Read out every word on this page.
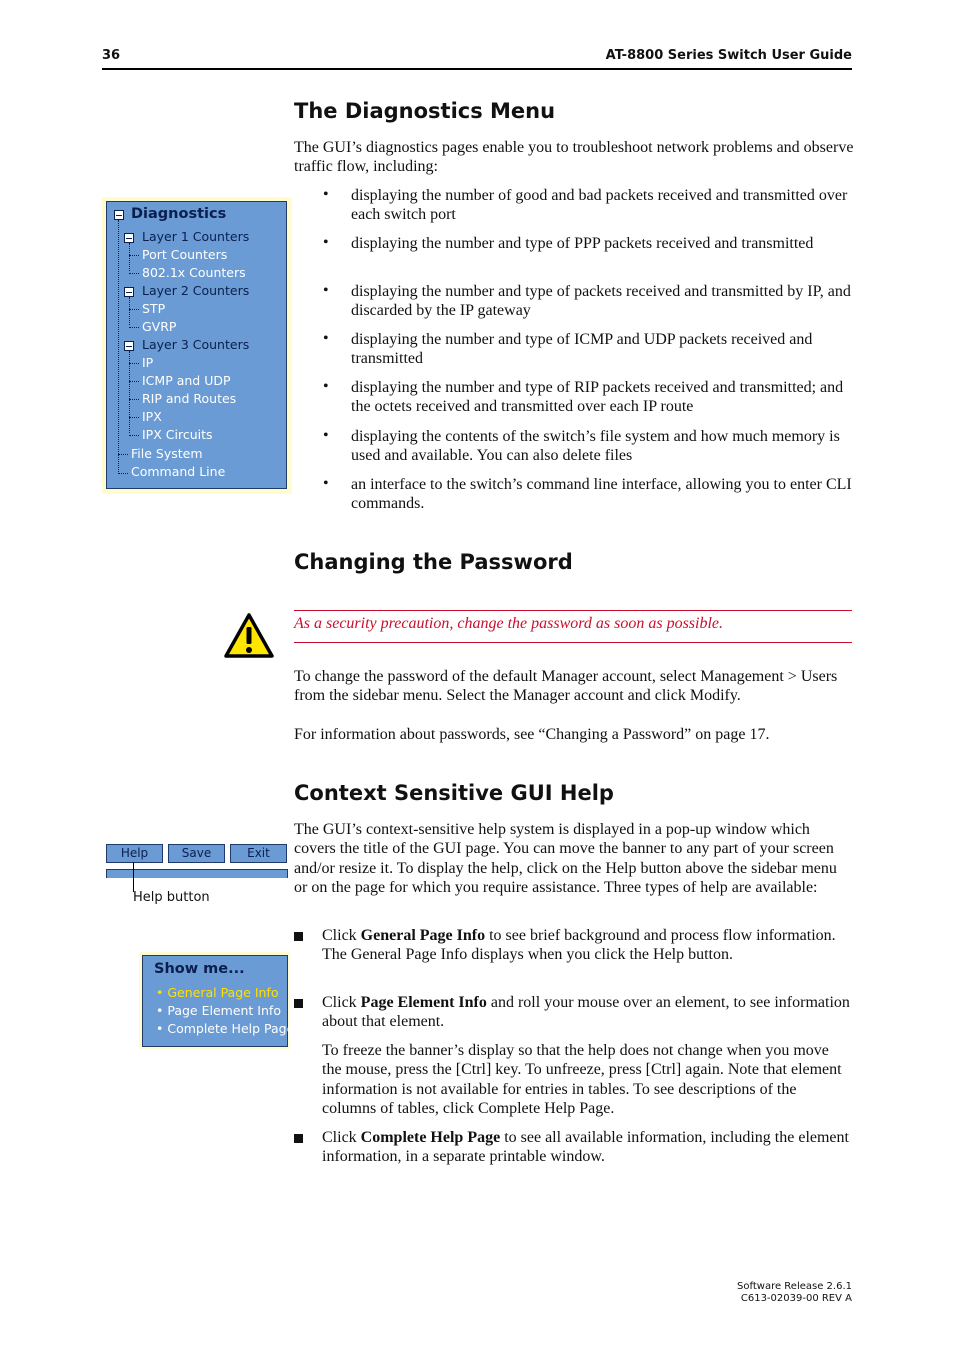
36	AT-8800 Series Switch User Guide
The Diagnostics Menu
The GUI’s diagnostics pages enable you to troubleshoot network problems and observe traffic flow, including:
• displaying the number of good and bad packets received and transmitted over each switch port
• displaying the number and type of PPP packets received and transmitted
• displaying the number and type of packets received and transmitted by IP, and discarded by the IP gateway
• displaying the number and type of ICMP and UDP packets received and transmitted
• displaying the number and type of RIP packets received and transmitted; and the octets received and transmitted over each IP route
• displaying the contents of the switch’s file system and how much memory is used and available. You can also delete files
• an interface to the switch’s command line interface, allowing you to enter CLI commands.
Diagnostics
Layer 1 Counters
Port Counters
802.1x Counters
Layer 2 Counters
STP
GVRP
Layer 3 Counters
IP
ICMP and UDP
RIP and Routes
IPX
IPX Circuits
File System
Command Line
Changing the Password
As a security precaution, change the password as soon as possible.
To change the password of the default Manager account, select Management > Users from the sidebar menu. Select the Manager account and click Modify.
For information about passwords, see “Changing a Password” on page 17.
Context Sensitive GUI Help
The GUI’s context-sensitive help system is displayed in a pop-up window which covers the title of the GUI page. You can move the banner to any part of your screen and/or resize it. To display the help, click on the Help button above the sidebar menu or on the page for which you require assistance. Three types of help are available:
Help	Save	Exit
Help button
Click General Page Info to see brief background and process flow information. The General Page Info displays when you click the Help button.
Click Page Element Info and roll your mouse over an element, to see information about that element.
To freeze the banner’s display so that the help does not change when you move the mouse, press the [Ctrl] key. To unfreeze, press [Ctrl] again. Note that element information is not available for entries in tables. To see descriptions of the columns of tables, click Complete Help Page.
Click Complete Help Page to see all available information, including the element information, in a separate printable window.
Show me...
• General Page Info
• Page Element Info
• Complete Help Page
Software Release 2.6.1
C613-02039-00 REV A
